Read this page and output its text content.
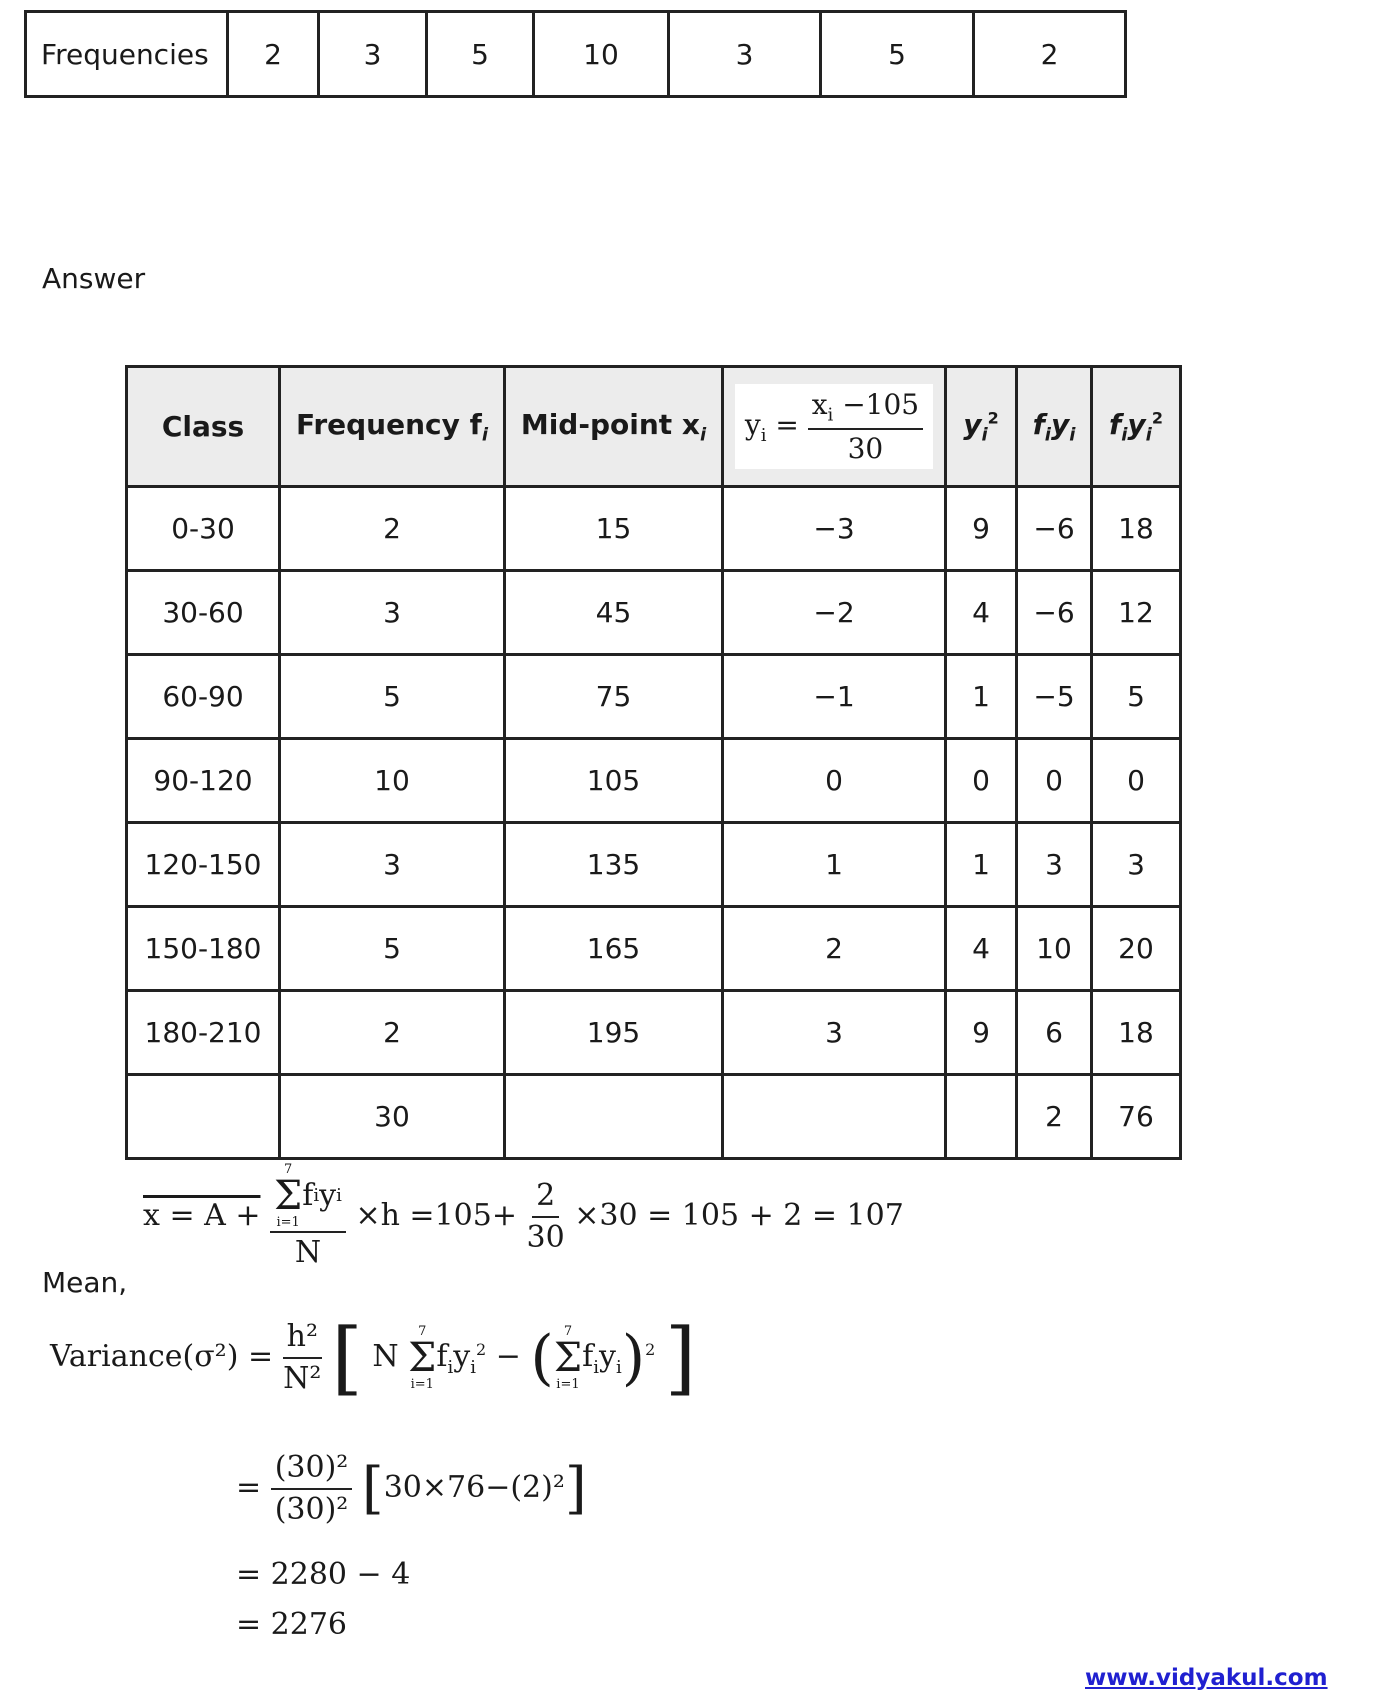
Frequencies	2	3	5	10	3	5	2
Answer
Class	Frequency $f_i$	Mid-point $x_i$	$y_i = \frac{x_i -105}{30}$	$y_i^2$	$f_iy_i$	$f_iy_i^2$
0-30	2	15	−3	9	−6	18
30-60	3	45	−2	4	−6	12
60-90	5	75	−1	1	−5	5
90-120	10	105	0	0	0	0
120-150	3	135	1	1	3	3
150-180	5	165	2	4	10	20
180-210	2	195	3	9	6	18
	30				2	76
Mean,
x = A + 7
Σ
i=1
f i y i
$N \times h =105+ \frac{2}{30} \times 30 = 105 + 2 = 107$
Variance(σ²) = $\frac{\text{h²}}{\text{N²}}$ [ N
7
Σ
i=1
$f_iy_i^2$ − ( 7
Σ
i=1
$f_iy_i)^2$ ]
= $\frac{\text{(30)²}}{\text{(30)²}} [30\times 76-(2)^2]$
= 2280 − 4
= 2276
www.vidyakul.com
